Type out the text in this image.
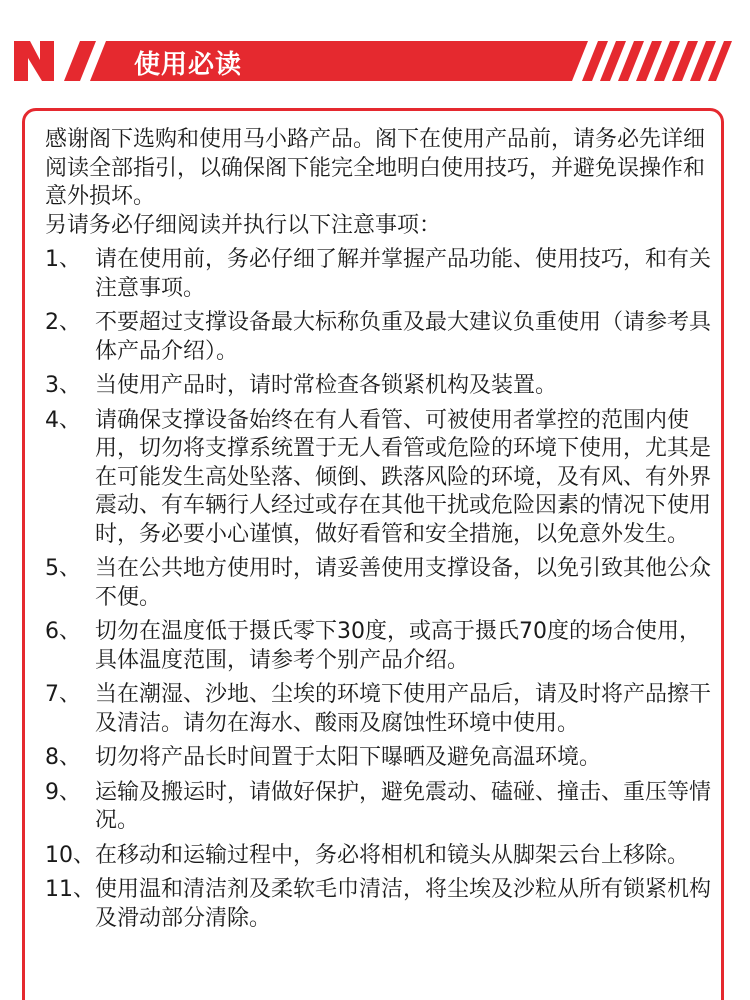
使用必读

感谢阁下选购和使用马小路产品。阁下在使用产品前，请务必先详细阅读全部指引，以确保阁下能完全地明白使用技巧，并避免误操作和意外损坏。

另请务必仔细阅读并执行以下注意事项：

1、 请在使用前，务必仔细了解并掌握产品功能、使用技巧，和有关注意事项。
2、 不要超过支撑设备最大标称负重及最大建议负重使用（请参考具体产品介绍）。
3、 当使用产品时，请时常检查各锁紧机构及装置。
4、 请确保支撑设备始终在有人看管、可被使用者掌控的范围内使用，切勿将支撑系统置于无人看管或危险的环境下使用，尤其是在可能发生高处坠落、倾倒、跌落风险的环境，及有风、有外界震动、有车辆行人经过或存在其他干扰或危险因素的情况下使用时，务必要小心谨慎，做好看管和安全措施，以免意外发生。
5、 当在公共地方使用时，请妥善使用支撑设备，以免引致其他公众不便。
6、 切勿在温度低于摄氏零下30度，或高于摄氏70度的场合使用，具体温度范围，请参考个别产品介绍。
7、 当在潮湿、沙地、尘埃的环境下使用产品后，请及时将产品擦干及清洁。请勿在海水、酸雨及腐蚀性环境中使用。
8、 切勿将产品长时间置于太阳下曝晒及避免高温环境。
9、 运输及搬运时，请做好保护，避免震动、磕碰、撞击、重压等情况。
10、 在移动和运输过程中，务必将相机和镜头从脚架云台上移除。
11、 使用温和清洁剂及柔软毛巾清洁，将尘埃及沙粒从所有锁紧机构及滑动部分清除。
